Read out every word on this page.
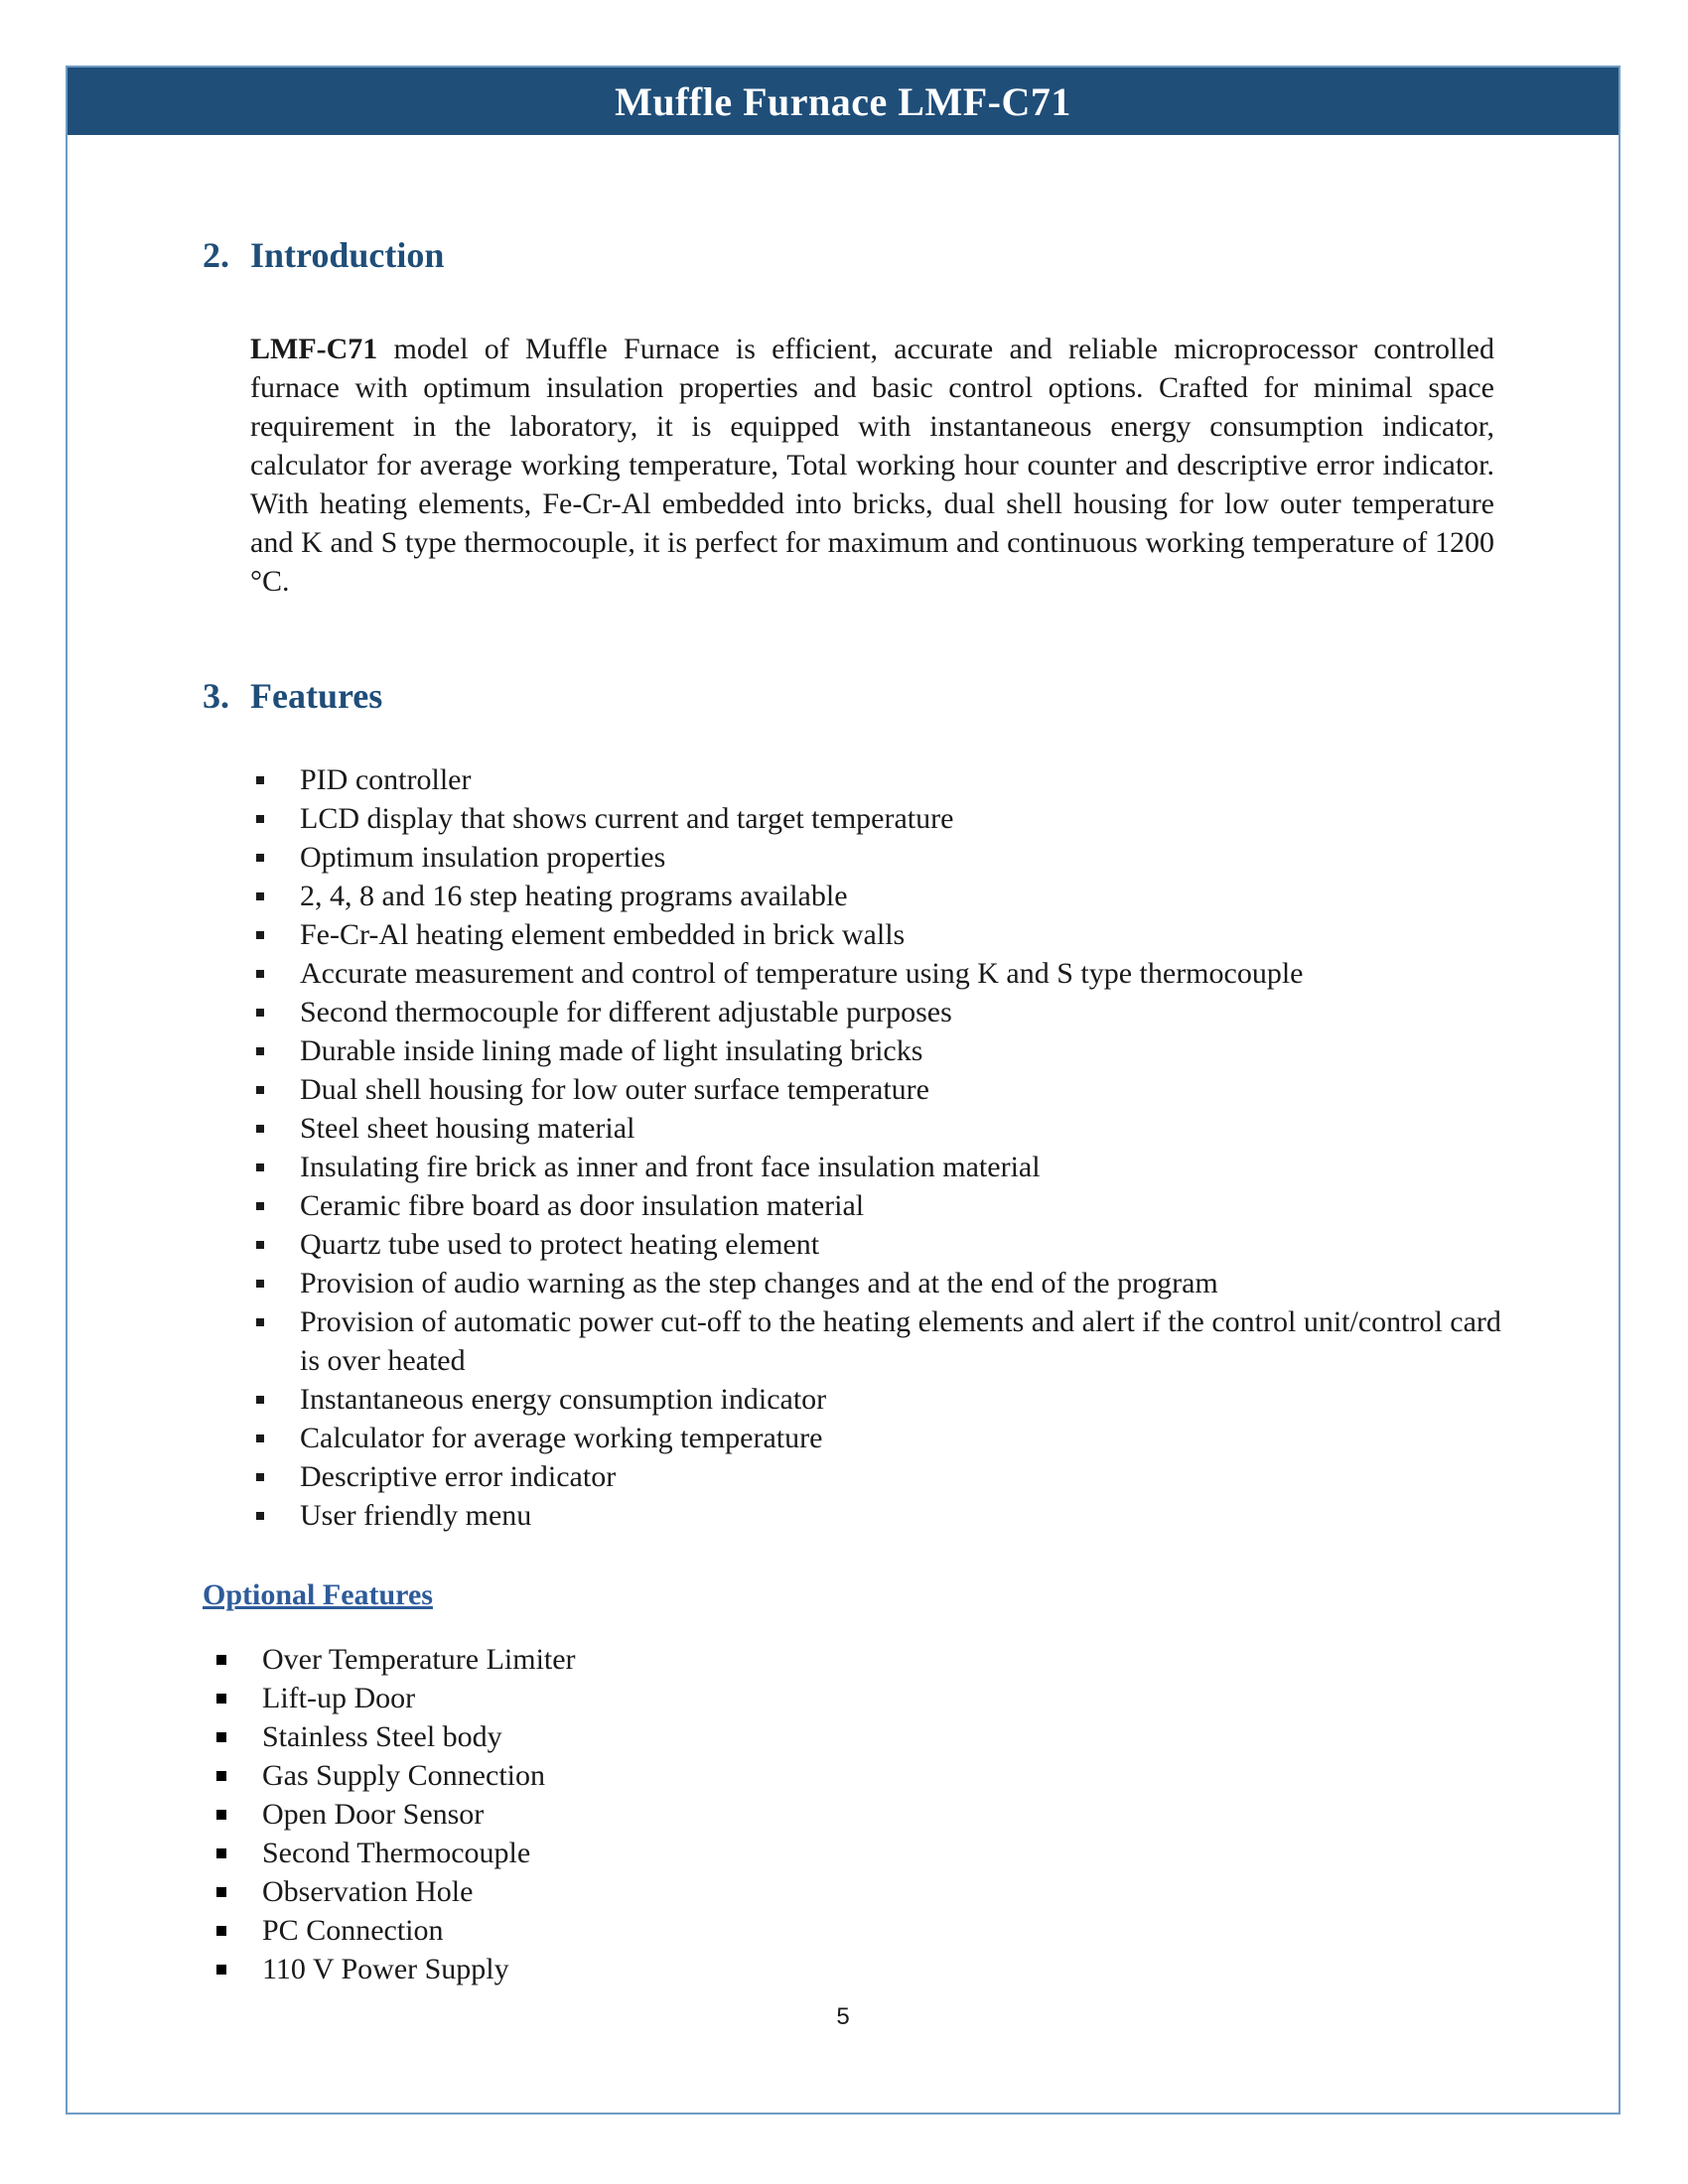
Muffle Furnace LMF-C71
2. Introduction

LMF-C71 model of Muffle Furnace is efficient, accurate and reliable microprocessor controlled furnace with optimum insulation properties and basic control options. Crafted for minimal space requirement in the laboratory, it is equipped with instantaneous energy consumption indicator, calculator for average working temperature, Total working hour counter and descriptive error indicator. With heating elements, Fe-Cr-Al embedded into bricks, dual shell housing for low outer temperature and K and S type thermocouple, it is perfect for maximum and continuous working temperature of 1200 °C.

3. Features
PID controller
LCD display that shows current and target temperature
Optimum insulation properties
2, 4, 8 and 16 step heating programs available
Fe-Cr-Al heating element embedded in brick walls
Accurate measurement and control of temperature using K and S type thermocouple
Second thermocouple for different adjustable purposes
Durable inside lining made of light insulating bricks
Dual shell housing for low outer surface temperature
Steel sheet housing material
Insulating fire brick as inner and front face insulation material
Ceramic fibre board as door insulation material
Quartz tube used to protect heating element
Provision of audio warning as the step changes and at the end of the program
Provision of automatic power cut-off to the heating elements and alert if the control unit/control card is over heated
Instantaneous energy consumption indicator
Calculator for average working temperature
Descriptive error indicator
User friendly menu
Optional Features
Over Temperature Limiter
Lift-up Door
Stainless Steel body
Gas Supply Connection
Open Door Sensor
Second Thermocouple
Observation Hole
PC Connection
110 V Power Supply
5
